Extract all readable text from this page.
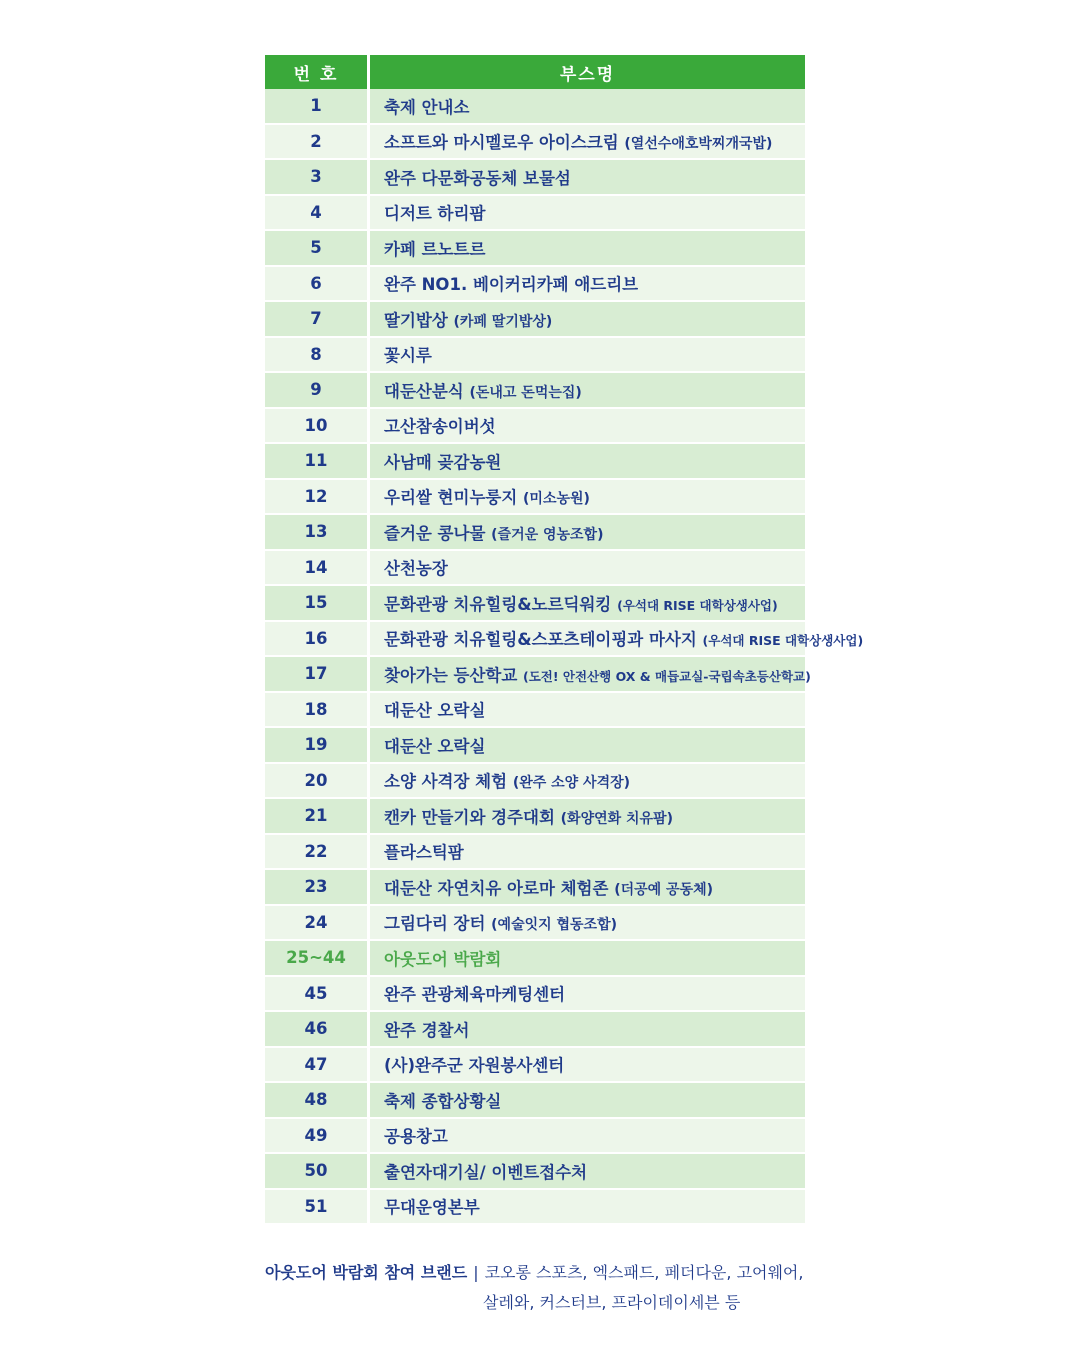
번 호	부스명
1	축제 안내소
2	소프트와 마시멜로우 아이스크림 (열선수애호박찌개국밥)
3	완주 다문화공동체 보물섬
4	디저트 하리팜
5	카페 르노트르
6	완주 NO1. 베이커리카페 애드리브
7	딸기밥상 (카페 딸기밥상)
8	꽃시루
9	대둔산분식 (돈내고 돈먹는집)
10	고산참송이버섯
11	사남매 곶감농원
12	우리쌀 현미누룽지 (미소농원)
13	즐거운 콩나물 (즐거운 영농조합)
14	산천농장
15	문화관광 치유힐링&노르딕워킹 (우석대 RISE 대학상생사업)
16	문화관광 치유힐링&스포츠테이핑과 마사지 (우석대 RISE 대학상생사업)
17	찾아가는 등산학교 (도전! 안전산행 OX & 매듭교실-국립속초등산학교)
18	대둔산 오락실
19	대둔산 오락실
20	소양 사격장 체험 (완주 소양 사격장)
21	캔카 만들기와 경주대회 (화양연화 치유팜)
22	플라스틱팜
23	대둔산 자연치유 아로마 체험존 (더공예 공동체)
24	그림다리 장터 (예술잇지 협동조합)
25~44	아웃도어 박람회
45	완주 관광체육마케팅센터
46	완주 경찰서
47	(사)완주군 자원봉사센터
48	축제 종합상황실
49	공용창고
50	출연자대기실/ 이벤트접수처
51	무대운영본부
아웃도어 박람회 참여 브랜드 | 코오롱 스포츠, 엑스패드, 페더다운, 고어웨어,
살레와, 커스터브, 프라이데이세븐 등
